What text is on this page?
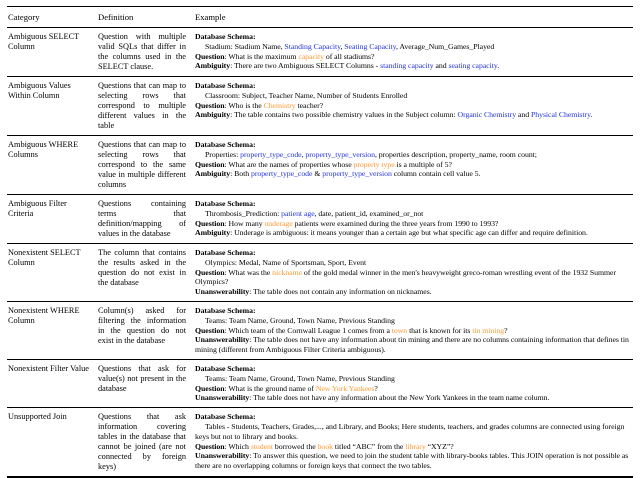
Category	Definition	Example
Ambiguous SELECT Column	Question with multiple valid SQLs that differ in the columns used in the SELECT clause.	Database Schema:
Stadium: Stadium Name, Standing Capacity, Seating Capacity, Average_Num_Games_Played
Question: What is the maximum capacity of all stadiums?
Ambiguity: There are two Ambiguous SELECT Columns - standing capacity and seating capacity.

Ambiguous Values Within Column	Questions that can map to selecting rows that correspond to multiple different values in the table	Database Schema:
Classroom: Subject, Teacher Name, Number of Students Enrolled
Question: Who is the Chemistry teacher?
Ambiguity: The table contains two possible chemistry values in the Subject column: Organic Chemistry and Physical Chemistry.

Ambiguous WHERE Columns	Questions that can map to selecting rows that correspond to the same value in multiple different columns	Database Schema:
Properties: property_type_code, property_type_version, properties description, property_name, room count;
Question: What are the names of properties whose property type is a multiple of 5?
Ambiguity: Both property_type_code & property_type_version column contain cell value 5.

Ambiguous Filter Criteria	Questions containing terms that definition/mapping of values in the database	Database Schema:
Thrombosis_Prediction: patient age, date, patient_id, examined_or_not
Question: How many underage patients were examined during the three years from 1990 to 1993?
Ambiguity: Underage is ambiguous: it means younger than a certain age but what specific age can differ and require definition.

Nonexistent SELECT Column	The column that contains the results asked in the question do not exist in the database	Database Schema:
Olympics: Medal, Name of Sportsman, Sport, Event
Question: What was the nickname of the gold medal winner in the men's heavyweight greco-roman wrestling event of the 1932 Summer Olympics?
Unanswerability: The table does not contain any information on nicknames.

Nonexistent WHERE Column	Column(s) asked for filtering the information in the question do not exist in the database	Database Schema:
Teams: Team Name, Ground, Town Name, Previous Standing
Question: Which team of the Cornwall League 1 comes from a town that is known for its tin mining?
Unanswerability: The table does not have any information about tin mining and there are no columns containing information that defines tin mining (different from Ambiguous Filter Criteria ambiguous).

Nonexistent Filter Value	Questions that ask for value(s) not present in the database	Database Schema:
Teams: Team Name, Ground, Town Name, Previous Standing
Question: What is the ground name of New York Yankees?
Unanswerability: The table does not have any information about the New York Yankees in the team name column.

Unsupported Join	Questions that ask information covering tables in the database that cannot be joined (are not connected by foreign keys)	Database Schema:
Tables - Students, Teachers, Grades,..., and Library, and Books; Here students, teachers, and grades columns are connected using foreign keys but not to library and books.
Question: Which student borrowed the book titled “ABC” from the library “XYZ”?
Unanswerability: To answer this question, we need to join the student table with library-books tables. This JOIN operation is not possible as there are no overlapping columns or foreign keys that connect the two tables.
